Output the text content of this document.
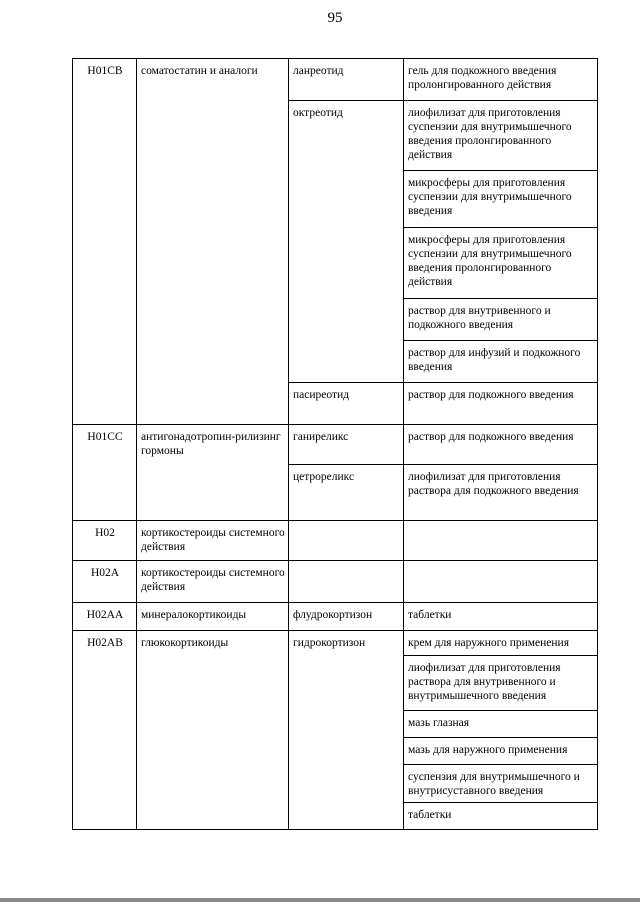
95
H01CB	соматостатин и аналоги	ланреотид	гель для подкожного введения пролонгированного действия
		октреотид	лиофилизат для приготовления суспензии для внутримышечного введения пролонгированного действия
			микросферы для приготовления суспензии для внутримышечного введения
			микросферы для приготовления суспензии для внутримышечного введения пролонгированного действия
			раствор для внутривенного и подкожного введения
			раствор для инфузий и подкожного введения
		пасиреотид	раствор для подкожного введения
H01CC	антигонадотропин-рилизинг гормоны	ганиреликс	раствор для подкожного введения
		цетрореликс	лиофилизат для приготовления раствора для подкожного введения
H02	кортикостероиды системного действия		
H02A	кортикостероиды системного действия		
H02AA	минералокортикоиды	флудрокортизон	таблетки
H02AB	глюкокортикоиды	гидрокортизон	крем для наружного применения
			лиофилизат для приготовления раствора для внутривенного и внутримышечного введения
			мазь глазная
			мазь для наружного применения
			суспензия для внутримышечного и внутрисуставного введения
			таблетки
